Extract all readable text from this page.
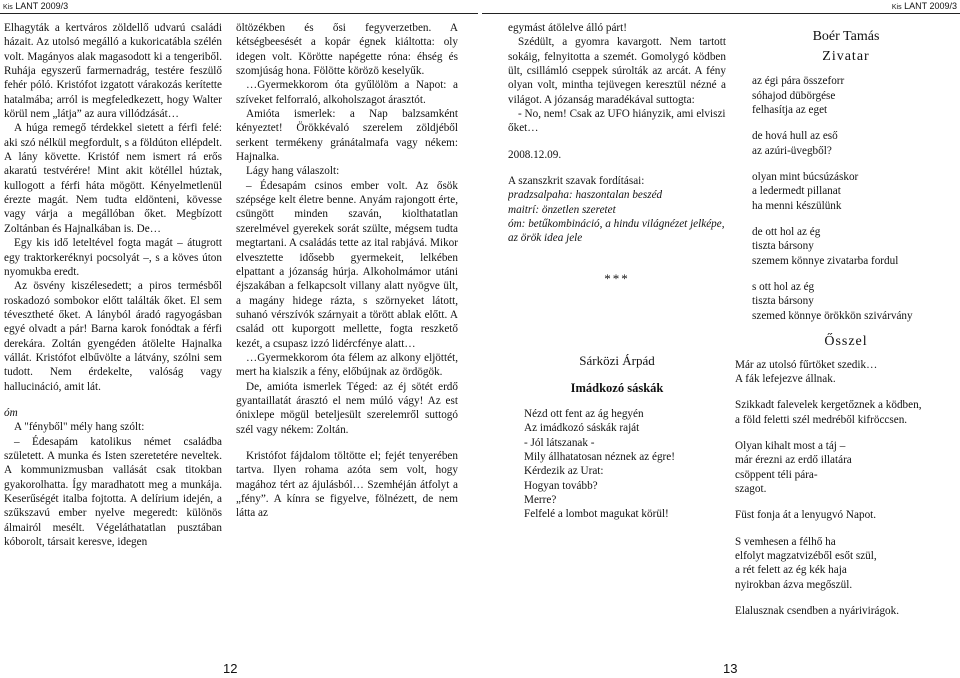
Kis LANT 2009/3	Kis LANT 2009/3

Elhagyták a kertváros zöldellő udvarú családi házait. Az utolsó megálló a kukoricatábla szélén volt. Magányos alak magasodott ki a tengeriből. Ruhája egyszerű farmernadrág, testére feszülő fehér póló. Kristófot izgatott várakozás kerítette hatalmába; arról is megfeledkezett, hogy Walter körül nem „látja” az aura villódzását…

A húga remegő térdekkel sietett a férfi felé: aki szó nélkül megfordult, s a földúton ellépdelt. A lány követte. Kristóf nem ismert rá erős akaratú testvérére! Mint akit kötéllel húztak, kullogott a férfi háta mögött. Kényelmetlenül érezte magát. Nem tudta eldönteni, kövesse vagy várja a megállóban őket. Megbízott Zoltánban és Hajnalkában is. De…

Egy kis idő leteltével fogta magát – átugrott egy traktorkeréknyi pocsolyát –, s a köves úton nyomukba eredt.

Az ösvény kiszélesedett; a piros termésből roskadozó sombokor előtt találták őket. El sem tévesztheté őket. A lányból áradó ragyogásban egyé olvadt a pár! Barna karok fonódtak a férfi derekára. Zoltán gyengéden átölelte Hajnalka vállát. Kristófot elbűvölte a látvány, szólni sem tudott. Nem érdekelte, valóság vagy hallucináció, amit lát.

óm

A "fényből" mély hang szólt:

– Édesapám katolikus német családba született. A munka és Isten szeretetére neveltek. A kommunizmusban vallását csak titokban gyakorolhatta. Így maradhatott meg a munkája. Keserűségét italba fojtotta. A delírium idején, a szűkszavú ember nyelve megeredt: különös álmairól mesélt. Végeláthatatlan pusztában kóborolt, társait keresve, idegen

öltözékben és ősi fegyverzetben. A kétségbeesését a kopár égnek kiáltotta: oly idegen volt. Körötte napégette róna: éhség és szomjúság hona. Fölötte körözö keselyűk.

…Gyermekkorom óta gyűlölöm a Napot: a szíveket felforraló, alkoholszagot árasztót.

Amióta ismerlek: a Nap balzsamként kényeztet! Örökkévaló szerelem zöldjéből serkent termékeny gránátalmafa vagy nékem: Hajnalka.

Lágy hang válaszolt:

– Édesapám csinos ember volt. Az ősök szépsége kelt életre benne. Anyám rajongott érte, csüngött minden szaván, kiolthatatlan szerelmével gyerekek sorát szülte, mégsem tudta megtartani. A családás tette az ital rabjává. Mikor elvesztette idősebb gyermekeit, lelkében elpattant a józanság húrja. Alkoholmámor utáni éjszakában a felkapcsolt villany alatt nyögve ült, a magány hidege rázta, s szörnyeket látott, suhanó vérszívók szárnyait a törött ablak előtt. A család ott kuporgott mellette, fogta reszkető kezét, a csupasz izzó lidércfénye alatt…

…Gyermekkorom óta félem az alkony eljöttét, mert ha kialszik a fény, előbújnak az ördögök.

De, amióta ismerlek Téged: az éj sötét erdő gyantaillatát árasztó el nem múló vágy! Az est ónixlepe mögül beteljesült szerelemről suttogó szél vagy nékem: Zoltán.

Kristófot fájdalom töltötte el; fejét tenyerében tartva. Ilyen rohama azóta sem volt, hogy magához tért az ájulásból… Szemhéján átfolyt a „fény”. A kínra se figyelve, fölnézett, de nem látta az

egymást átölelve álló párt!

Szédült, a gyomra kavargott. Nem tartott sokáig, felnyitotta a szemét. Gomolygó ködben ült, csillámló cseppek súrolták az arcát. A fény olyan volt, mintha tejüvegen keresztül nézné a világot. A józanság maradékával suttogta:

- No, nem! Csak az UFO hiányzik, ami elviszi őket…

2008.12.09.

A szanszkrit szavak fordításai:

pradzsalpaha: haszontalan beszéd

maitrí: önzetlen szeretet

óm: betűkombináció, a hindu világnézet jelképe, az örök idea jele

***

Sárközi Árpád

Imádkozó sáskák

Nézd ott fent az ág hegyén

Az imádkozó sáskák raját

- Jól látszanak -

Mily állhatatosan néznek az égre!

Kérdezik az Urat:

Hogyan tovább?

Merre?

Felfelé a lombot magukat körül!

Boér Tamás

Zivatar

az égi pára összeforr

sóhajod dübörgése

felhasítja az eget

de hová hull az eső

az azúri-üvegből?

olyan mint búcsúzáskor

a ledermedt pillanat

ha menni készülünk

de ott hol az ég

tiszta bársony

szemem könnye zivatarba fordul

s ott hol az ég

tiszta bársony

szemed könnye örökkön szivárvány

Ősszel

Már az utolsó fűrtöket szedik…

A fák lefejezve állnak.

Szikkadt falevelek kergetőznek a ködben,

a föld feletti szél medréből kifröccsen.

Olyan kihalt most a táj –

már érezni az erdő illatára

csöppent téli pára-

szagot.

Füst fonja át a lenyugvó Napot.

S vemhesen a félhő ha

elfolyt magzatvizéből esőt szül,

a rét felett az ég kék haja

nyirokban ázva megőszül.

Elalusznak csendben a nyárivirágok.

12	13
